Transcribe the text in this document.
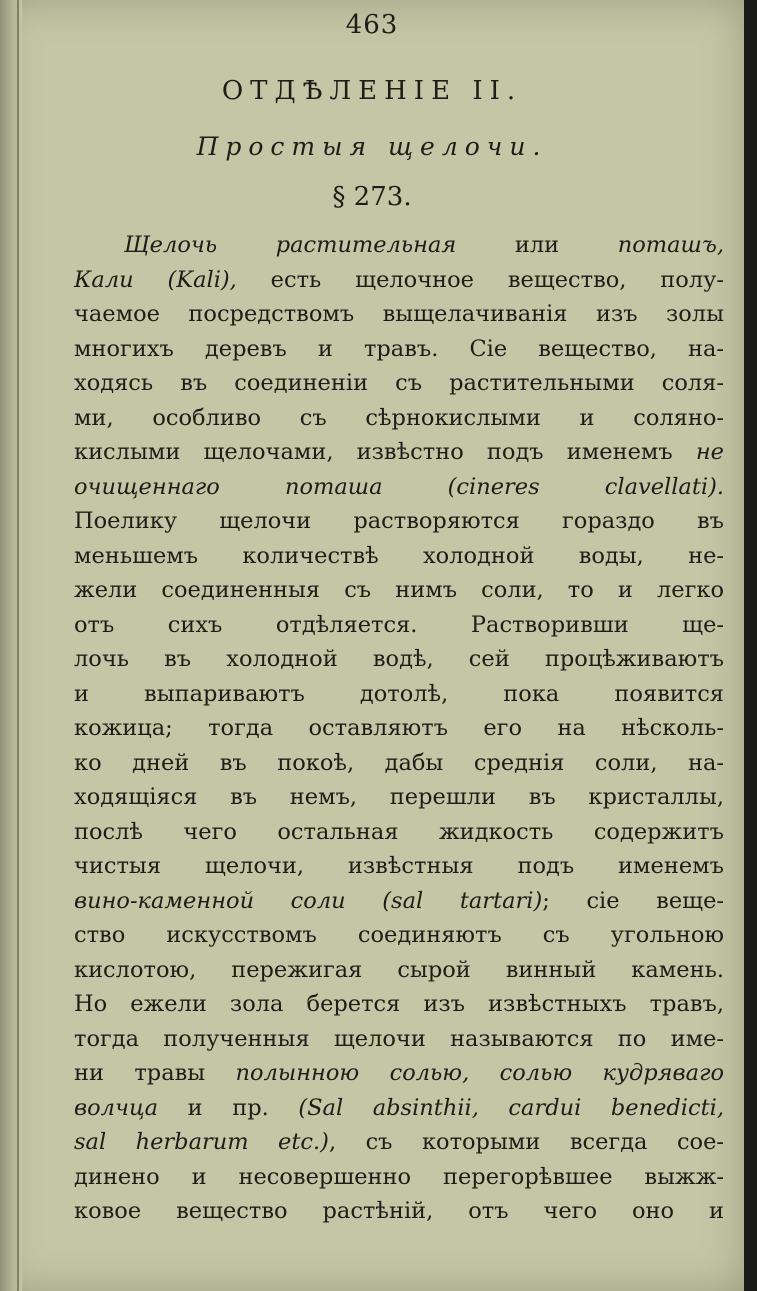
463
ОТДѢЛЕНІЕ II.
Простыя щелочи.
§ 273.
Щелочь растительная или поташъ,
Кали (Kali), есть щелочное вещество, полу-
чаемое посредствомъ выщелачиванія изъ золы
многихъ деревъ и травъ. Сіе вещество, на-
ходясь въ соединеніи съ растительными соля-
ми, особливо съ сѣрнокислыми и соляно-
кислыми щелочами, извѣстно подъ именемъ не
очищеннаго поташа (cineres clavellati).
Поелику щелочи растворяются гораздо въ
меньшемъ количествѣ холодной воды, не-
жели соединенныя съ нимъ соли, то и легко
отъ сихъ отдѣляется. Растворивши ще-
лочь въ холодной водѣ, сей процѣживаютъ
и выпариваютъ дотолѣ, пока появится
кожица; тогда оставляютъ его на нѣсколь-
ко дней въ покоѣ, дабы среднія соли, на-
ходящіяся въ немъ, перешли въ кристаллы,
послѣ чего остальная жидкость содержитъ
чистыя щелочи, извѣстныя подъ именемъ
вино-каменной соли (sal tartari); сіе веще-
ство искусствомъ соединяютъ съ угольною
кислотою, пережигая сырой винный камень.
Но ежели зола берется изъ извѣстныхъ травъ,
тогда полученныя щелочи называются по име-
ни травы полынною солью, солью кудряваго
волчца и пр. (Sal absinthii, cardui benedicti,
sal herbarum etc.), съ которыми всегда сое-
динено и несовершенно перегорѣвшее выжж-
ковое вещество растѣній, отъ чего оно и
